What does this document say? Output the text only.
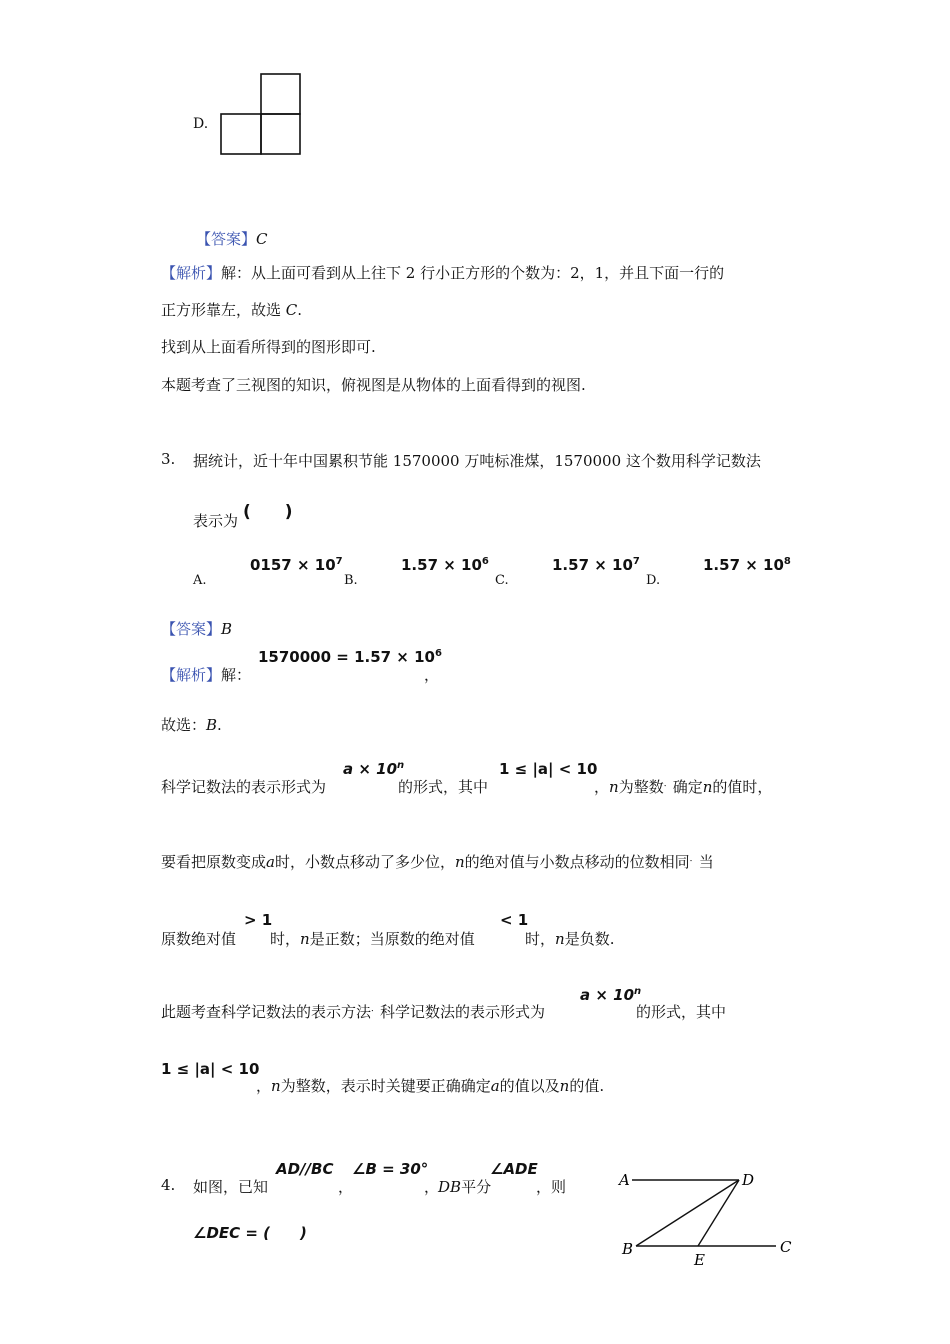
D.
【答案】C
【解析】解：从上面可看到从上往下 2 行小正方形的个数为：2，1，并且下面一行的
正方形靠左，故选 C.
找到从上面看所得到的图形即可.
本题考查了三视图的知识，俯视图是从物体的上面看得到的视图.
3. 据统计，近十年中国累积节能 1570000 万吨标准煤，1570000 这个数用科学记数法
表示为 (　　)
A.
$0157 \times 10^7$
B.
$1.57 \times 10^6$
C.
$1.57 \times 10^7$
D.
$1.57 \times 10^8$
【答案】B
【解析】解：
$1570000 = 1.57 \times 10^6$
，
故选：B.
科学记数法的表示形式为
$a \times 10^n$
的形式，其中
1 ≤ |a| < 10
，n为整数．确定n的值时，
要看把原数变成a时，小数点移动了多少位，n的绝对值与小数点移动的位数相同．当
原数绝对值
> 1
时，n是正数；当原数的绝对值
< 1
时，n是负数.
此题考查科学记数法的表示方法．科学记数法的表示形式为
$a \times 10^n$
的形式，其中
1 ≤ |a| < 10
，n为整数，表示时关键要正确确定a的值以及n的值.
4. 如图，已知
AD//BC
，
∠B = 30°
，
DB平分
∠ADE
，则
∠DEC = (　　)
A	D
B
E
C
